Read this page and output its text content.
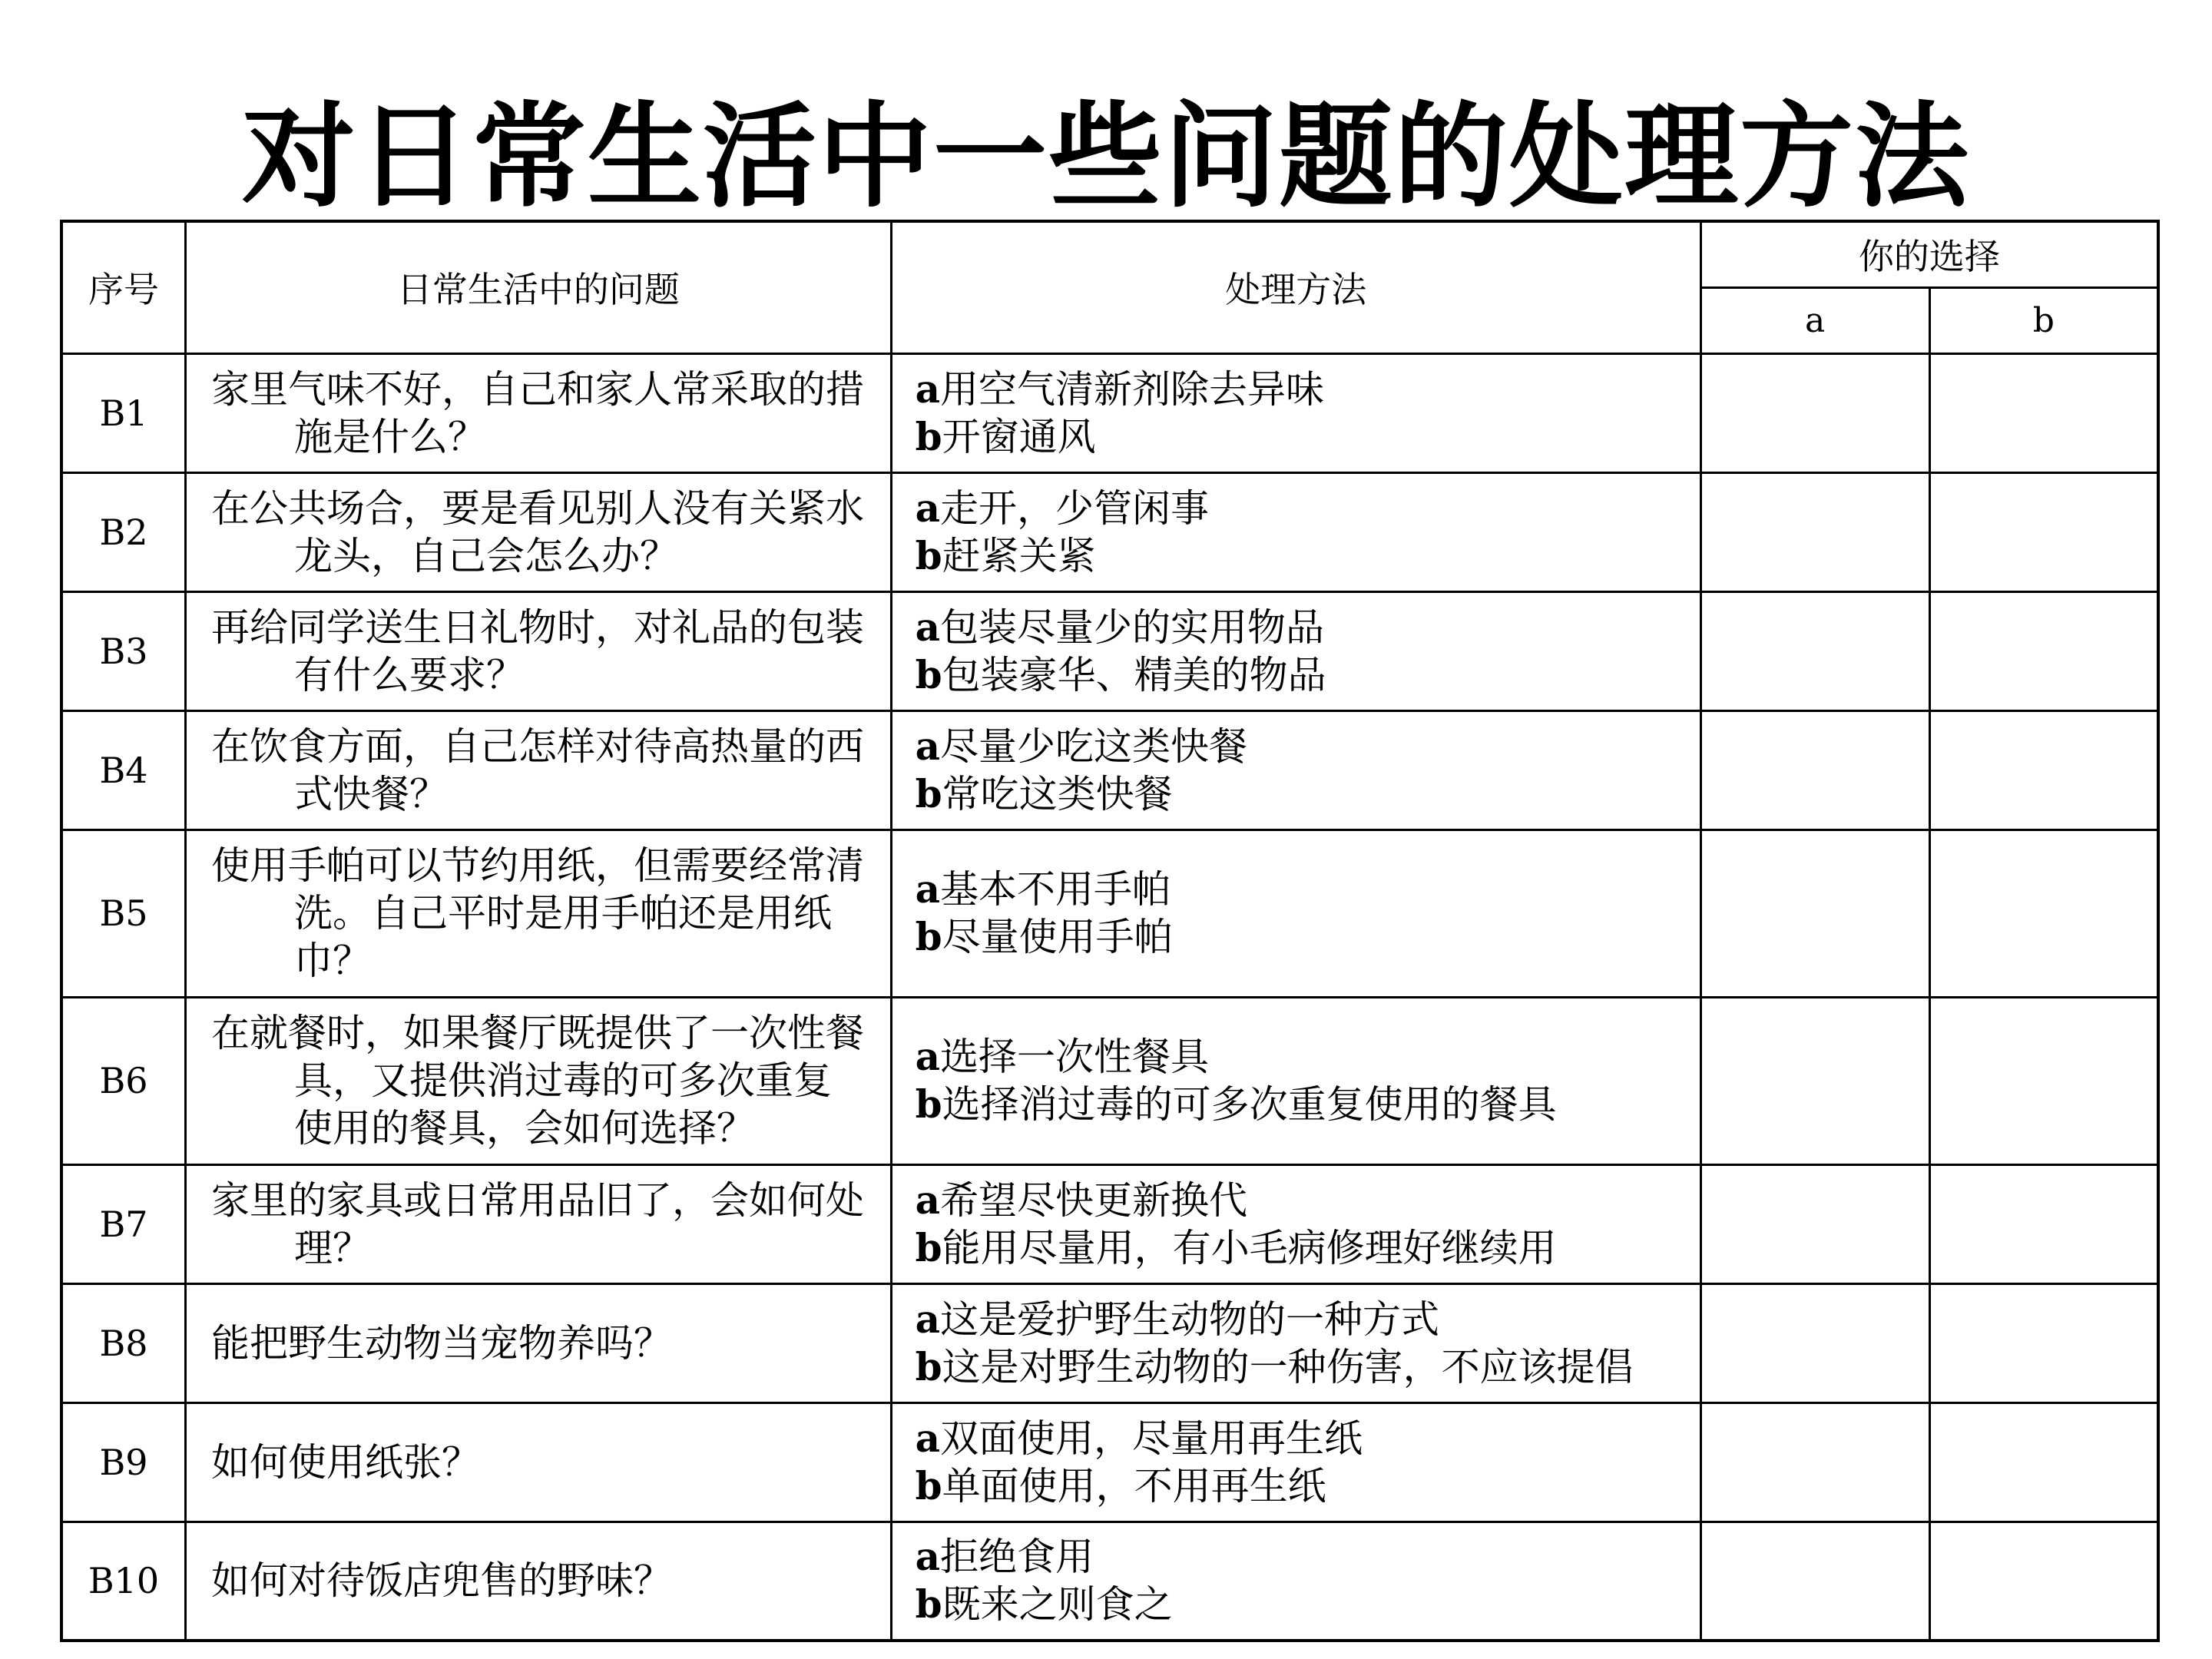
对日常生活中一些问题的处理方法
序号	日常生活中的问题	处理方法	你的选择	
			a	b
B1	家里气味不好，自己和家人常采取的措施是什么？	a用空气清新剂除去异味
b开窗通风		

B2	在公共场合，要是看见别人没有关紧水龙头，自己会怎么办？	a走开，少管闲事
b赶紧关紧		

B3	再给同学送生日礼物时，对礼品的包装有什么要求？	a包装尽量少的实用物品
b包装豪华、精美的物品		

B4	在饮食方面，自己怎样对待高热量的西式快餐？	a尽量少吃这类快餐
b常吃这类快餐		

B5	使用手帕可以节约用纸，但需要经常清洗。自己平时是用手帕还是用纸巾？	a基本不用手帕
b尽量使用手帕		

B6	在就餐时，如果餐厅既提供了一次性餐具，又提供消过毒的可多次重复使用的餐具，会如何选择？	a选择一次性餐具
b选择消过毒的可多次重复使用的餐具		

B7	家里的家具或日常用品旧了，会如何处理？	a希望尽快更新换代
b能用尽量用，有小毛病修理好继续用		

B8	能把野生动物当宠物养吗？	a这是爱护野生动物的一种方式
b这是对野生动物的一种伤害，不应该提倡		

B9	如何使用纸张？	a双面使用，尽量用再生纸
b单面使用，不用再生纸		

B10	如何对待饭店兜售的野味？	a拒绝食用
b既来之则食之		
